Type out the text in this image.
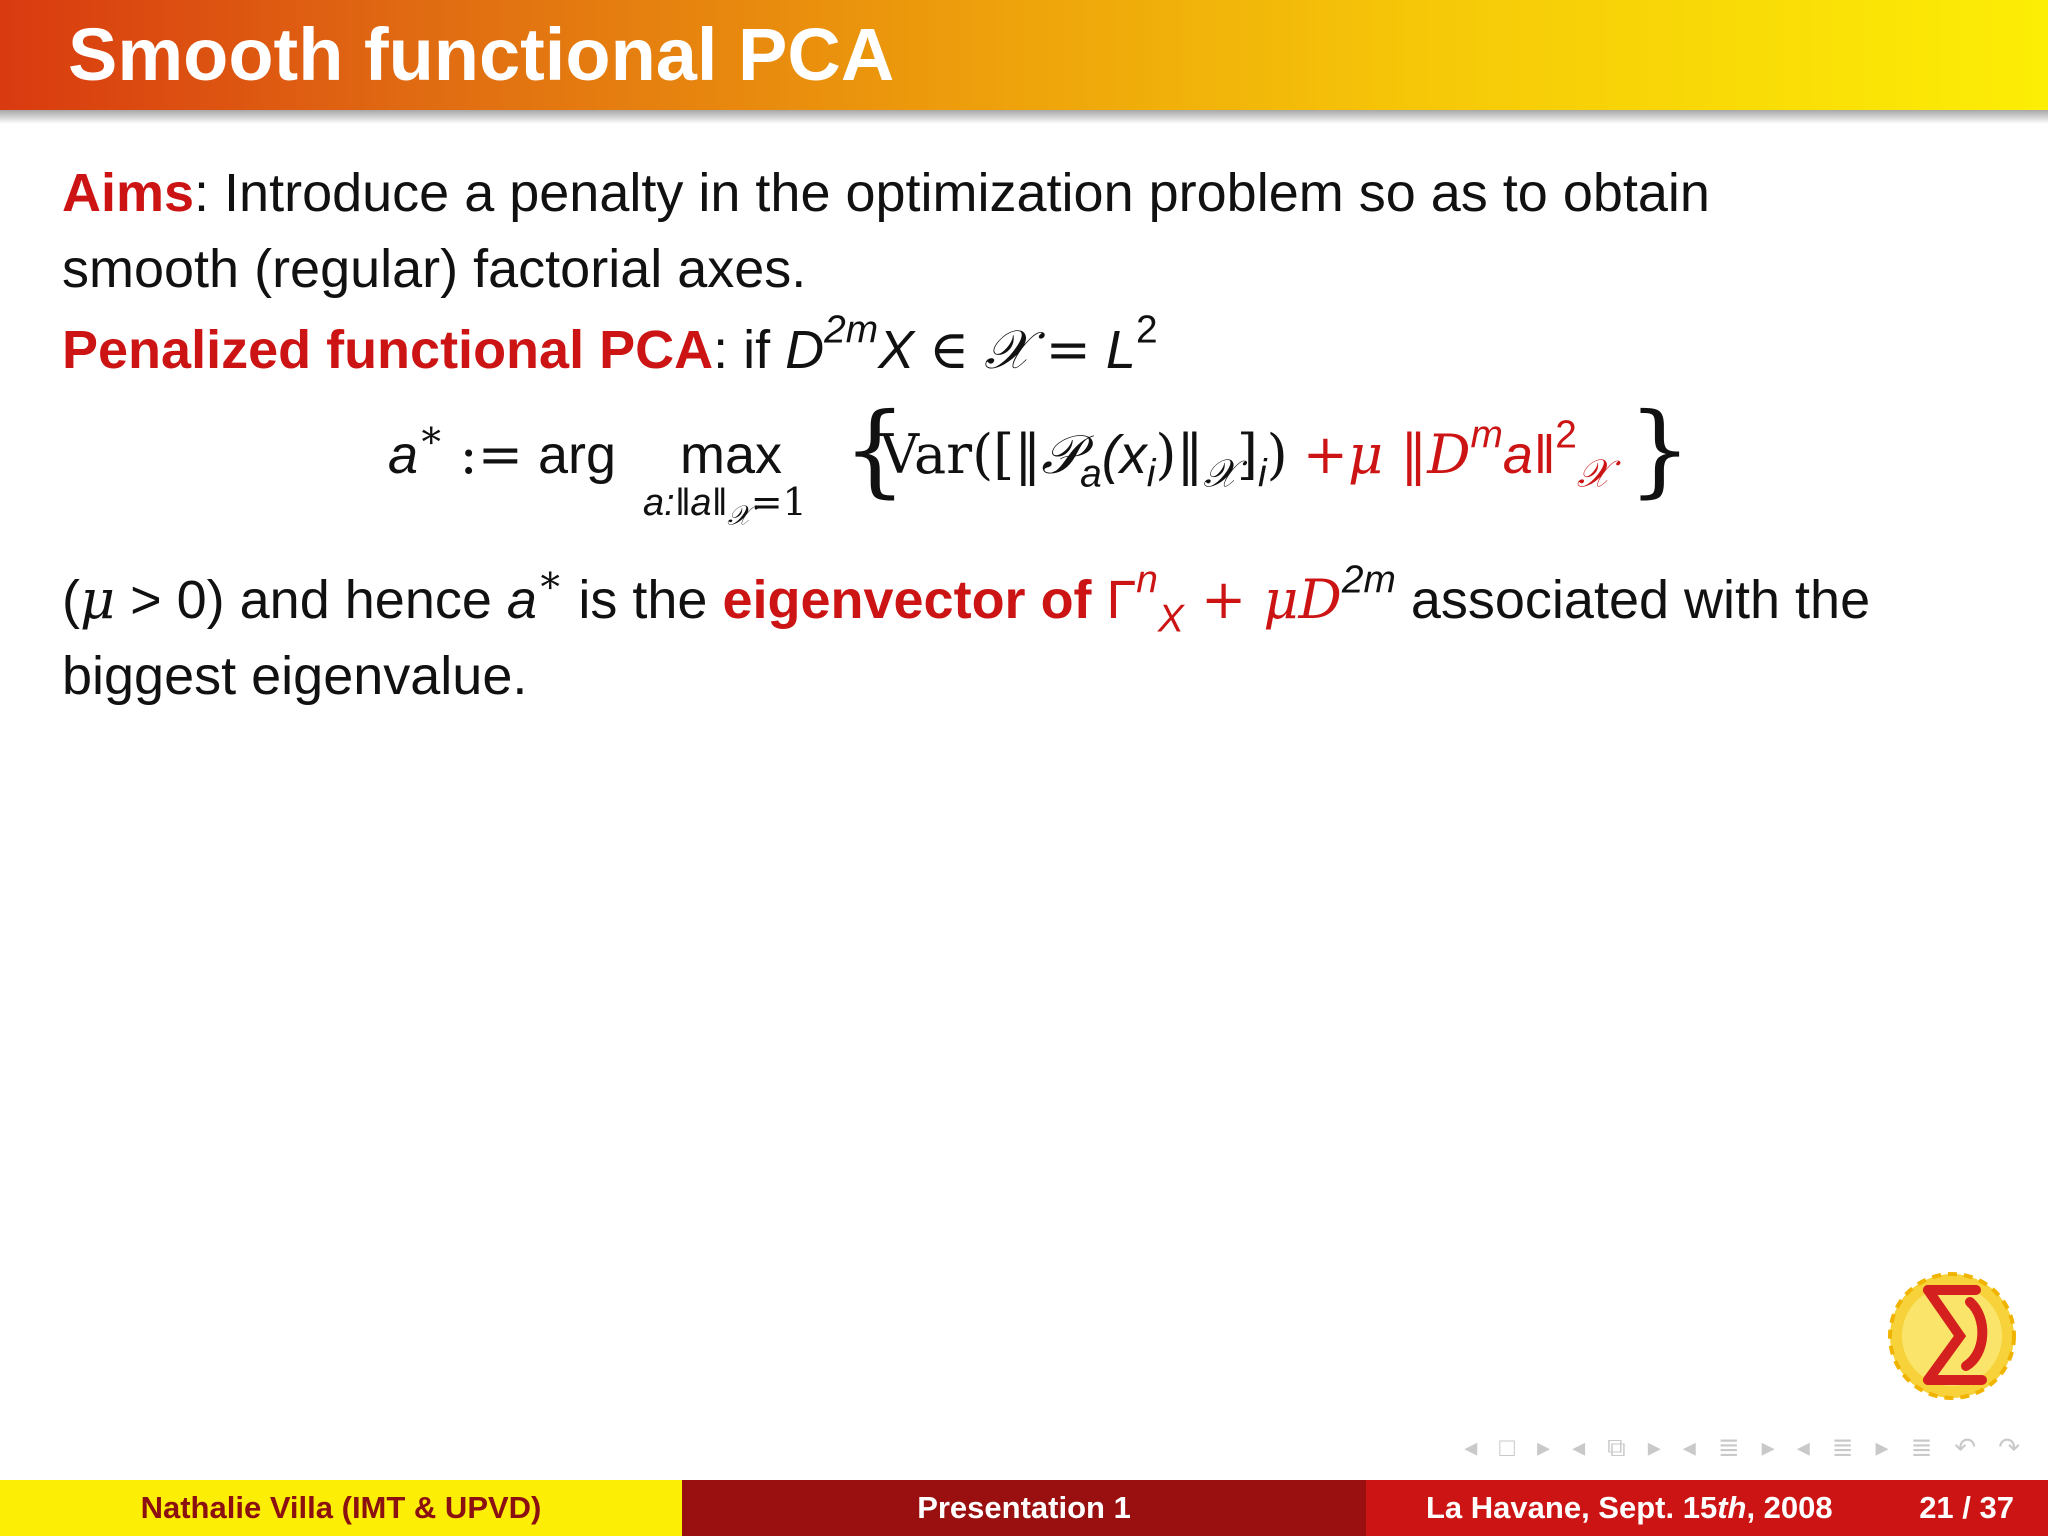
Smooth functional PCA

Aims: Introduce a penalty in the optimization problem so as to obtain
smooth (regular) factorial axes.

Penalized functional PCA: if $D^{2m}X$ ∈ 𝒳 = $L^2$

a∗ := arg max
$a:‖a‖_𝒳=1$ {
$Var([‖𝒫_a(x_i)‖_𝒳]_i) +\mu$ $‖D^ma‖^2_𝒳$ }

(μ > 0) and hence a∗ is the eigenvector of $\Gamma^n_X + \mu D^{2m}$ associated with the
biggest eigenvalue.

◂ □ ▸ ◂ ⧉ ▸ ◂ ≣ ▸ ◂ ≣ ▸ ≣ ↶ ↷
Nathalie Villa (IMT & UPVD)	Presentation 1	La Havane, Sept. 15th, 2008	21 / 37
